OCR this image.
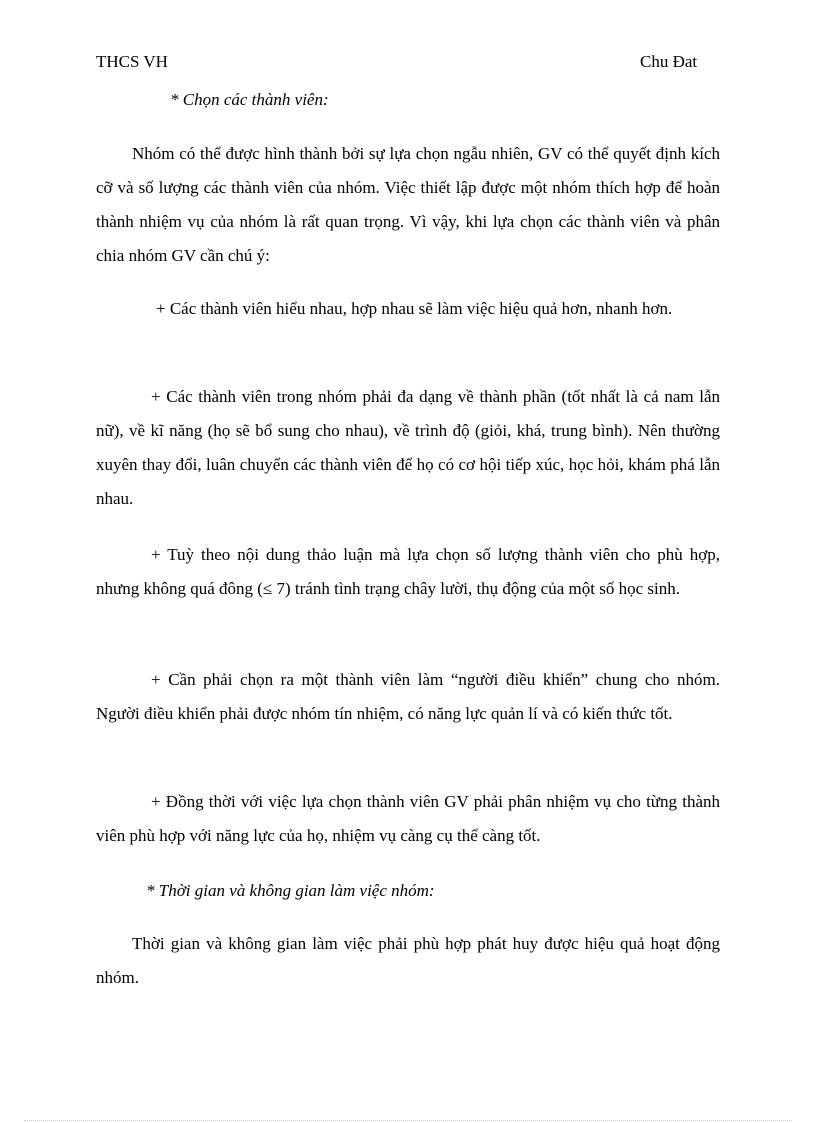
THCS VH	Chu Đat

* Chọn các thành viên:

Nhóm có thể được hình thành bởi sự lựa chọn ngẫu nhiên, GV có thể quyết định kích cỡ và số lượng các thành viên của nhóm. Việc thiết lập được một nhóm thích hợp để hoàn thành nhiệm vụ của nhóm là rất quan trọng. Vì vậy, khi lựa chọn các thành viên và phân chia nhóm GV cần chú ý:

+ Các thành viên hiểu nhau, hợp nhau sẽ làm việc hiệu quả hơn, nhanh hơn.

+ Các thành viên trong nhóm phải đa dạng về thành phần (tốt nhất là cả nam lẫn nữ), về kĩ năng (họ sẽ bổ sung cho nhau), về trình độ (giỏi, khá, trung bình). Nên thường xuyên thay đổi, luân chuyển các thành viên để họ có cơ hội tiếp xúc, học hỏi, khám phá lẫn nhau.

+ Tuỳ theo nội dung thảo luận mà lựa chọn số lượng thành viên cho phù hợp, nhưng không quá đông (≤ 7) tránh tình trạng chây lười, thụ động của một số học sinh.

+ Cần phải chọn ra một thành viên làm “người điều khiển” chung cho nhóm. Người điều khiển phải được nhóm tín nhiệm, có năng lực quản lí và có kiến thức tốt.

+ Đồng thời với việc lựa chọn thành viên GV phải phân nhiệm vụ cho từng thành viên phù hợp với năng lực của họ, nhiệm vụ càng cụ thể càng tốt.

* Thời gian và không gian làm việc nhóm:

Thời gian và không gian làm việc phải phù hợp phát huy được hiệu quả hoạt động nhóm.
